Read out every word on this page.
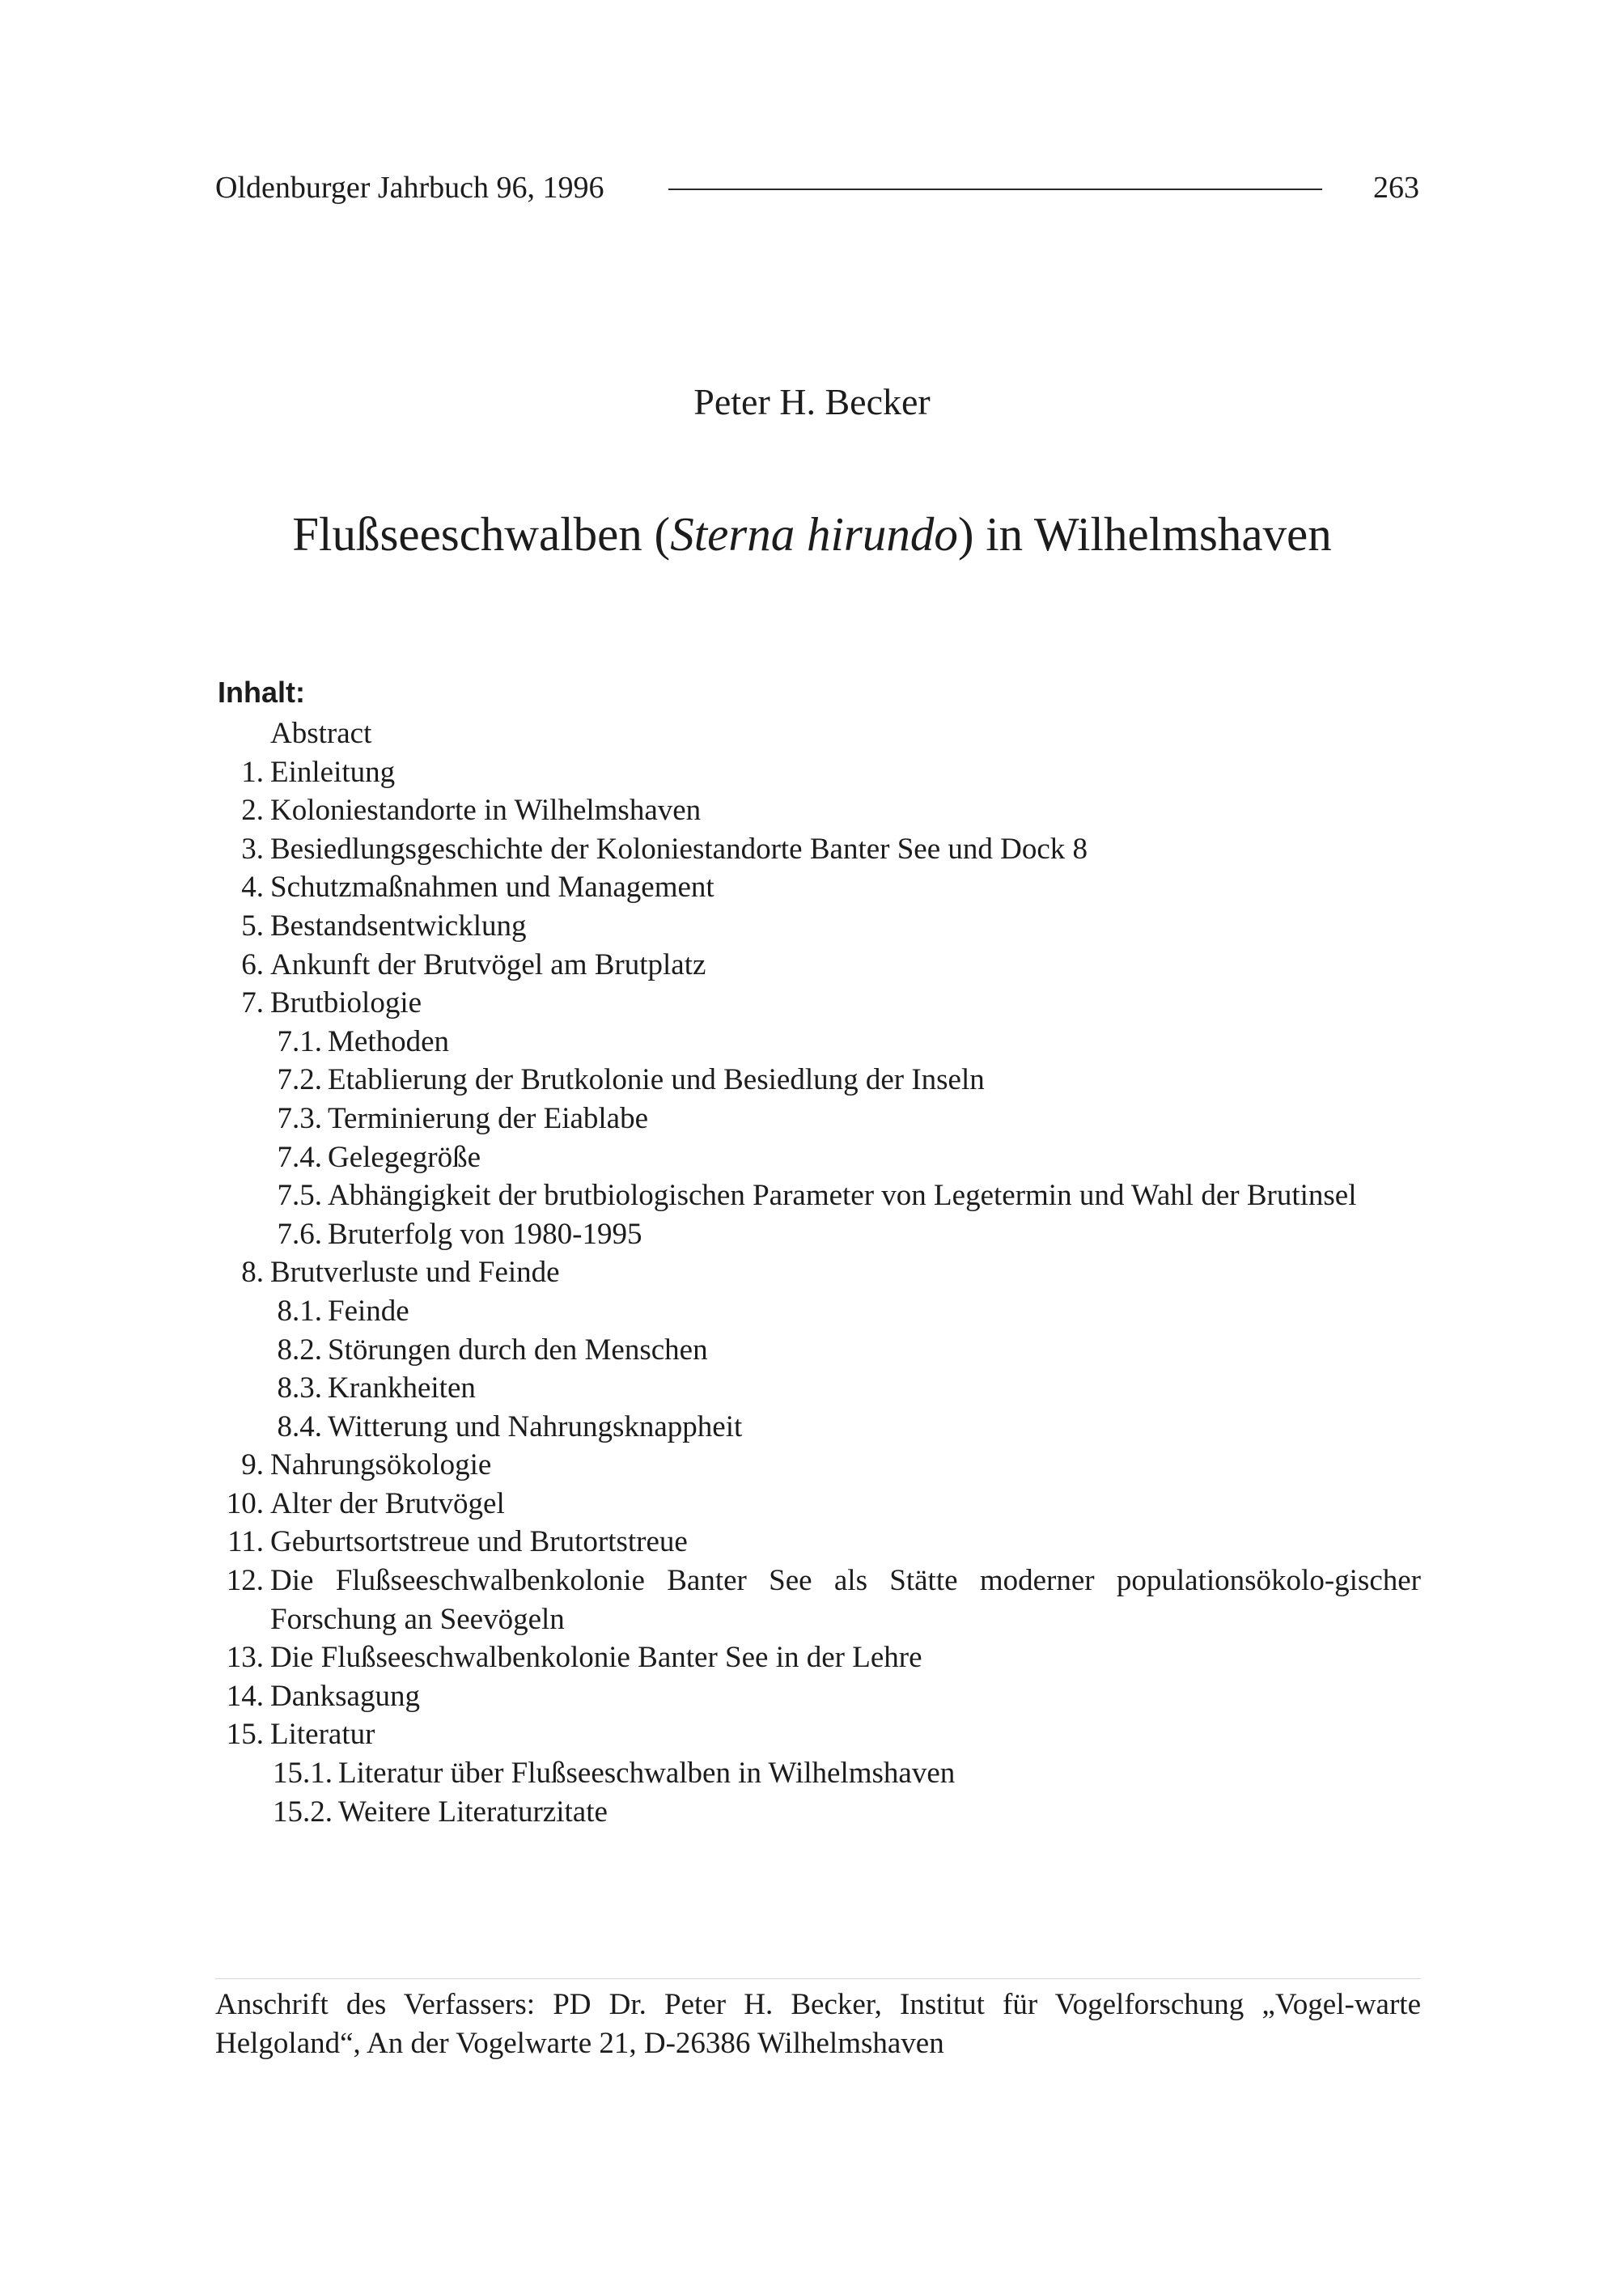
Oldenburger Jahrbuch 96, 1996	263
Peter H. Becker
Flußseeschwalben (Sterna hirundo) in Wilhelmshaven
Inhalt:
Abstract
1. Einleitung
2. Koloniestandorte in Wilhelmshaven
3. Besiedlungsgeschichte der Koloniestandorte Banter See und Dock 8
4. Schutzmaßnahmen und Management
5. Bestandsentwicklung
6. Ankunft der Brutvögel am Brutplatz
7. Brutbiologie
7.1. Methoden
7.2. Etablierung der Brutkolonie und Besiedlung der Inseln
7.3. Terminierung der Eiablabe
7.4. Gelegegröße
7.5. Abhängigkeit der brutbiologischen Parameter von Legetermin und Wahl der Brutinsel
7.6. Bruterfolg von 1980-1995
8. Brutverluste und Feinde
8.1. Feinde
8.2. Störungen durch den Menschen
8.3. Krankheiten
8.4. Witterung und Nahrungsknappheit
9. Nahrungsökologie
10. Alter der Brutvögel
11. Geburtsortstreue und Brutortstreue
12. Die Flußseeschwalbenkolonie Banter See als Stätte moderner populationsökolo-gischer Forschung an Seevögeln
13. Die Flußseeschwalbenkolonie Banter See in der Lehre
14. Danksagung
15. Literatur
15.1. Literatur über Flußseeschwalben in Wilhelmshaven
15.2. Weitere Literaturzitate
Anschrift des Verfassers: PD Dr. Peter H. Becker, Institut für Vogelforschung „Vogel-warte Helgoland“, An der Vogelwarte 21, D-26386 Wilhelmshaven
